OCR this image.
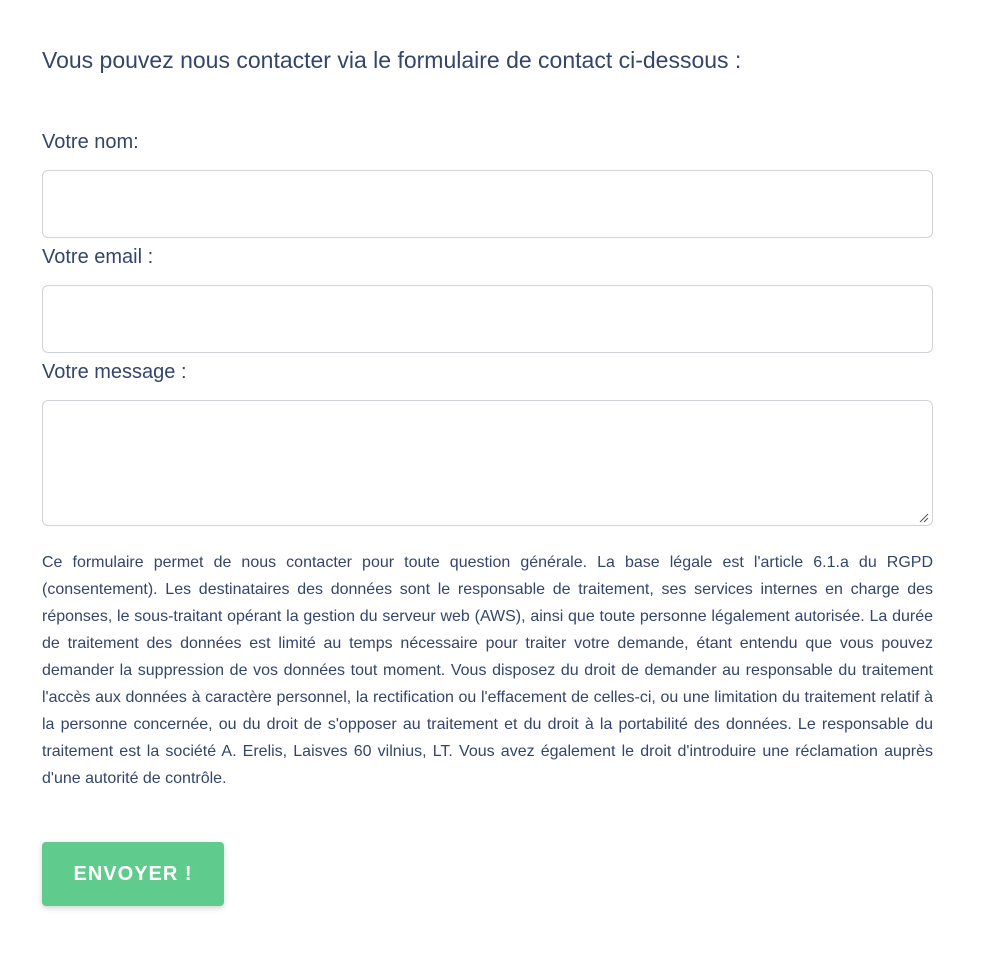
Vous pouvez nous contacter via le formulaire de contact ci-dessous :
Votre nom:
Votre email :
Votre message :

Ce formulaire permet de nous contacter pour toute question générale. La base légale est l'article 6.1.a du RGPD (consentement). Les destinataires des données sont le responsable de traitement, ses services internes en charge des réponses, le sous-traitant opérant la gestion du serveur web (AWS), ainsi que toute personne légalement autorisée. La durée de traitement des données est limité au temps nécessaire pour traiter votre demande, étant entendu que vous pouvez demander la suppression de vos données tout moment. Vous disposez du droit de demander au responsable du traitement l'accès aux données à caractère personnel, la rectification ou l'effacement de celles-ci, ou une limitation du traitement relatif à la personne concernée, ou du droit de s'opposer au traitement et du droit à la portabilité des données. Le responsable du traitement est la société A. Erelis, Laisves 60 vilnius, LT. Vous avez également le droit d'introduire une réclamation auprès d'une autorité de contrôle.

ENVOYER !
